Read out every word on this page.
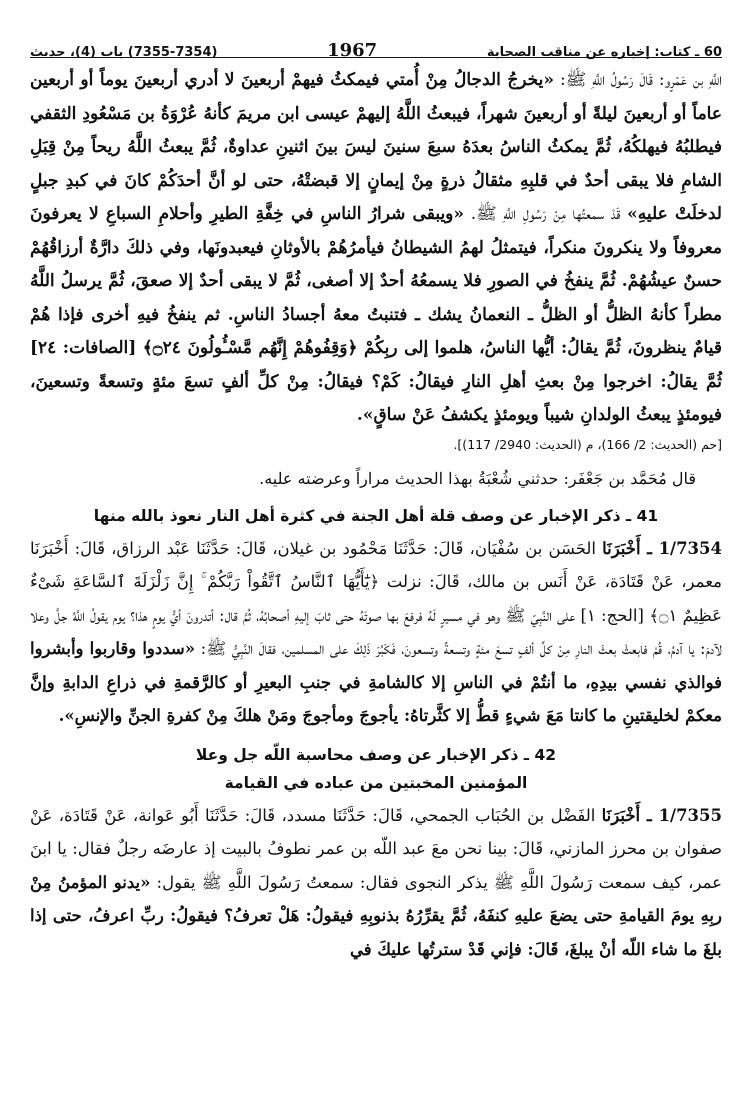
60 ـ كتاب: إخباره عن مناقب الصحابة
1967
(7355-7354) باب (4)، حديث

اللَّهِ بن عَمْرٍو: قَالَ رَسُولُ اللَّهِ ﷺ: «يخرجُ الدجالُ مِنْ أُمتي فيمكثُ فيهمْ أربعينَ لا أدري أربعينَ يوماً أو أربعين عاماً أو أربعينَ ليلةً أو أربعينَ شهراً، فيبعثُ اللَّهُ إليهمْ عيسى ابن مريمَ كأنهُ عُرْوَةُ بن مَسْعُودِ الثقفي فيطلبُهُ فيهلكُهُ، ثُمَّ يمكثُ الناسُ بعدَهُ سبعَ سنينَ ليسَ بينَ اثنينِ عداوةٌ، ثُمَّ يبعثُ اللَّهُ ريحاً مِنْ قِبَلِ الشامِ فلا يبقى أحدٌ في قلبِهِ مثقالُ ذرةٍ مِنْ إيمانٍ إلا قبضتْهُ، حتى لو أنَّ أحدَكُمْ كانَ في كبدِ جبلٍ لدخلَتْ عليهِ» قَدْ سمعتُها مِنْ رَسُولِ اللَّهِ ﷺ. «ويبقى شرارُ الناسِ في خِفَّةِ الطيرِ وأحلامِ السباعِ لا يعرفونَ معروفاً ولا ينكرونَ منكراً، فيتمثلُ لهمُ الشيطانُ فيأمرُهُمْ بالأوثانِ فيعبدونَها، وفي ذلكَ دارَّةٌ أرزاقُهُمْ حسنٌ عيشُهُمْ. ثُمَّ ينفخُ في الصورِ فلا يسمعُهُ أحدٌ إلا أصغى، ثُمَّ لا يبقى أحدٌ إلا صعقَ، ثُمَّ يرسلُ اللَّهُ مطراً كأنهُ الظلُّ أو الظلُّ ـ النعمانُ يشك ـ فتنبتُ معهُ أجسادُ الناسِ. ثم ينفخُ فيهِ أخرى فإذا هُمْ قيامٌ ينظرونَ، ثُمَّ يقالُ: أيُّها الناسُ، هلموا إلى ربِكُمْ ﴿وَقِفُوهُمْ إِنَّهُم مَّسْـُٔولُونَ ۝٢٤﴾ [الصافات: ٢٤] ثُمَّ يقالُ: اخرجوا مِنْ بعثِ أهلِ النارِ فيقالُ: كَمْ؟ فيقالُ: مِنْ كلِّ ألفٍ تسعَ مئةٍ وتسعةً وتسعينَ، فيومئذٍ يبعثُ الولدانِ شيباً ويومئذٍ يكشفُ عَنْ ساقٍ».

[حم (الحديث: 2/ 166)، م (الحديث: 2940/ 117)].

قال مُحَمَّد بن جَعْفَر: حدثني شُعْبَةُ بهذا الحديث مراراً وعرضته عليه.

41 ـ ذكر الإخبار عن وصف قلة أهل الجنة في كثرة أهل النار نعوذ بالله منها

1/7354 ـ أَخْبَرَنَا الحَسَن بن سُفْيَان، قَالَ: حَدَّثَنَا مَحْمُود بن غيلان، قَالَ: حَدَّثَنَا عَبْد الرزاق، قَالَ: أَخْبَرَنَا معمر، عَنْ قَتَادَة، عَنْ أَنَس بن مالك، قَالَ: نزلت ﴿يَٰٓأَيُّهَا ٱلنَّاسُ ٱتَّقُواْ رَبَّكُمْ ۚ إِنَّ زَلْزَلَةَ ٱلسَّاعَةِ شَىْءٌ عَظِيمٌ ۝١﴾ [الحج: ١] على النَّبِيّ ﷺ وهو في مسيرٍ لَهُ فرفعَ بها صوتَهُ حتى ثابَ إليهِ أصحابُهُ، ثُمَّ قال: أتدرونَ أيُّ يومٍ هذا؟ يوم يقولُ اللَّهُ جلَّ وعلا لآدمَ: يا آدمُ، قُمْ فابعثْ بعثَ النارِ مِنْ كلِّ ألفٍ تسعَ مئةٍ وتسعةً وتسعونَ، فَكَبُرَ ذَلِكَ على المسلمين، فقالَ النَّبِيُّ ﷺ: «سددوا وقاربوا وأبشروا فوالذي نفسي بيدِهِ، ما أنتُمْ في الناسِ إلا كالشامةِ في جنبِ البعيرِ أو كالرَّقمةِ في ذراعِ الدابةِ وإنَّ معكمْ لخليقتينِ ما كانتا مَعَ شيءٍ قطُّ إلا كثَّرتاهُ: يأجوجَ ومأجوجَ ومَنْ هلكَ مِنْ كفرةِ الجنِّ والإنسِ».

42 ـ ذكر الإخبار عن وصف محاسبة اللّه جل وعلا

المؤمنين المخبتين من عباده في القيامة

1/7355 ـ أَخْبَرَنَا الفَضْل بن الحُبَاب الجمحي، قَالَ: حَدَّثَنَا مسدد، قَالَ: حَدَّثَنَا أَبُو عَوانة، عَنْ قَتَادَة، عَنْ صفوان بن محرز المازني، قَالَ: بينا نحن معَ عبد اللّه بن عمر نطوفُ بالبيت إذ عارضَه رجلٌ فقال: يا ابنَ عمر، كيف سمعت رَسُولَ اللَّهِ ﷺ يذكر النجوى فقال: سمعتُ رَسُولَ اللَّهِ ﷺ يقول: «يدنو المؤمنُ مِنْ ربِهِ يومَ القيامةِ حتى يضعَ عليهِ كنفَهُ، ثُمَّ يقرِّرُهُ بذنوبِهِ فيقولُ: هَلْ تعرفُ؟ فيقولُ: ربِّ اعرفُ، حتى إذا بلغَ ما شاء اللّه أنْ يبلغَ، قَالَ: فإني قَدْ سترتُها عليكَ في
